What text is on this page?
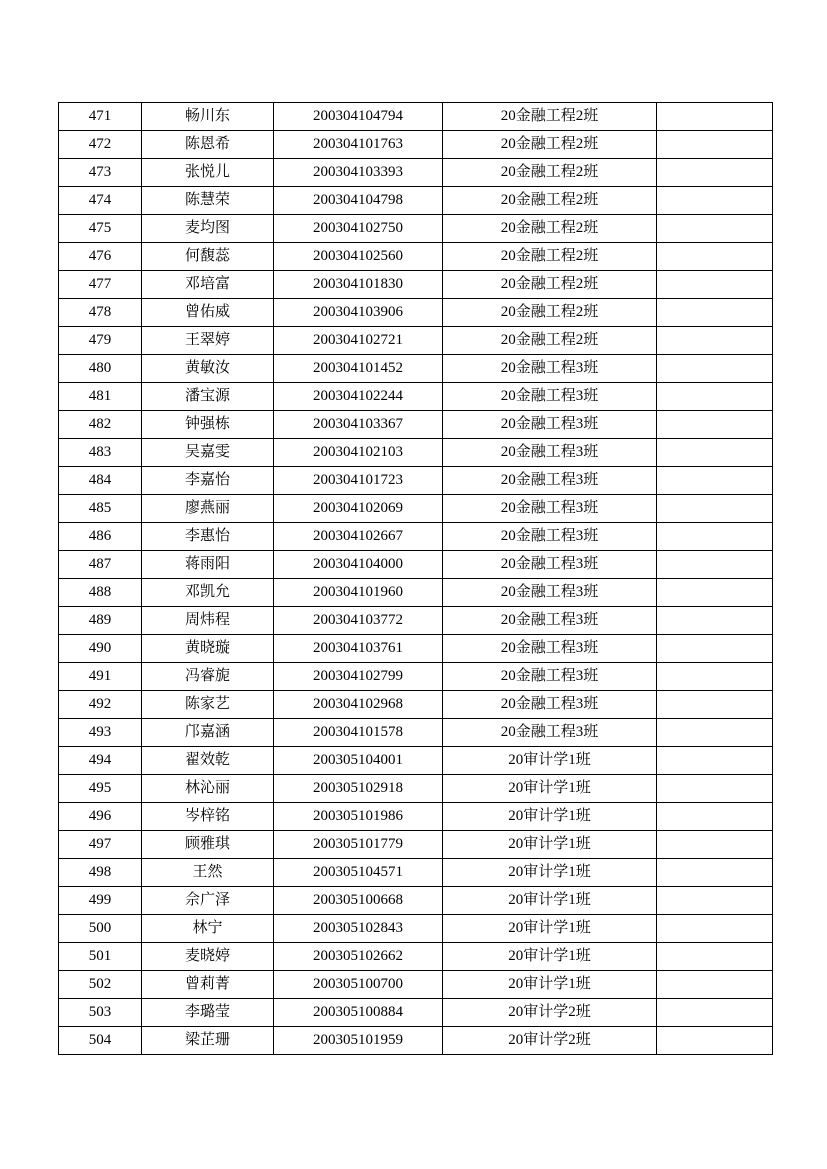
471	畅川东	200304104794	20金融工程2班	
472	陈恩希	200304101763	20金融工程2班	
473	张悦儿	200304103393	20金融工程2班	
474	陈慧荣	200304104798	20金融工程2班	
475	麦均图	200304102750	20金融工程2班	
476	何馥蕊	200304102560	20金融工程2班	
477	邓培富	200304101830	20金融工程2班	
478	曾佑威	200304103906	20金融工程2班	
479	王翠婷	200304102721	20金融工程2班	
480	黄敏汝	200304101452	20金融工程3班	
481	潘宝源	200304102244	20金融工程3班	
482	钟强栋	200304103367	20金融工程3班	
483	吴嘉雯	200304102103	20金融工程3班	
484	李嘉怡	200304101723	20金融工程3班	
485	廖燕丽	200304102069	20金融工程3班	
486	李惠怡	200304102667	20金融工程3班	
487	蒋雨阳	200304104000	20金融工程3班	
488	邓凯允	200304101960	20金融工程3班	
489	周炜程	200304103772	20金融工程3班	
490	黄晓璇	200304103761	20金融工程3班	
491	冯睿旎	200304102799	20金融工程3班	
492	陈家艺	200304102968	20金融工程3班	
493	邝嘉涵	200304101578	20金融工程3班	
494	翟效乾	200305104001	20审计学1班	
495	林沁丽	200305102918	20审计学1班	
496	岑梓铭	200305101986	20审计学1班	
497	顾雅琪	200305101779	20审计学1班	
498	王然	200305104571	20审计学1班	
499	佘广泽	200305100668	20审计学1班	
500	林宁	200305102843	20审计学1班	
501	麦晓婷	200305102662	20审计学1班	
502	曾莉菁	200305100700	20审计学1班	
503	李璐莹	200305100884	20审计学2班	
504	梁芷珊	200305101959	20审计学2班	
